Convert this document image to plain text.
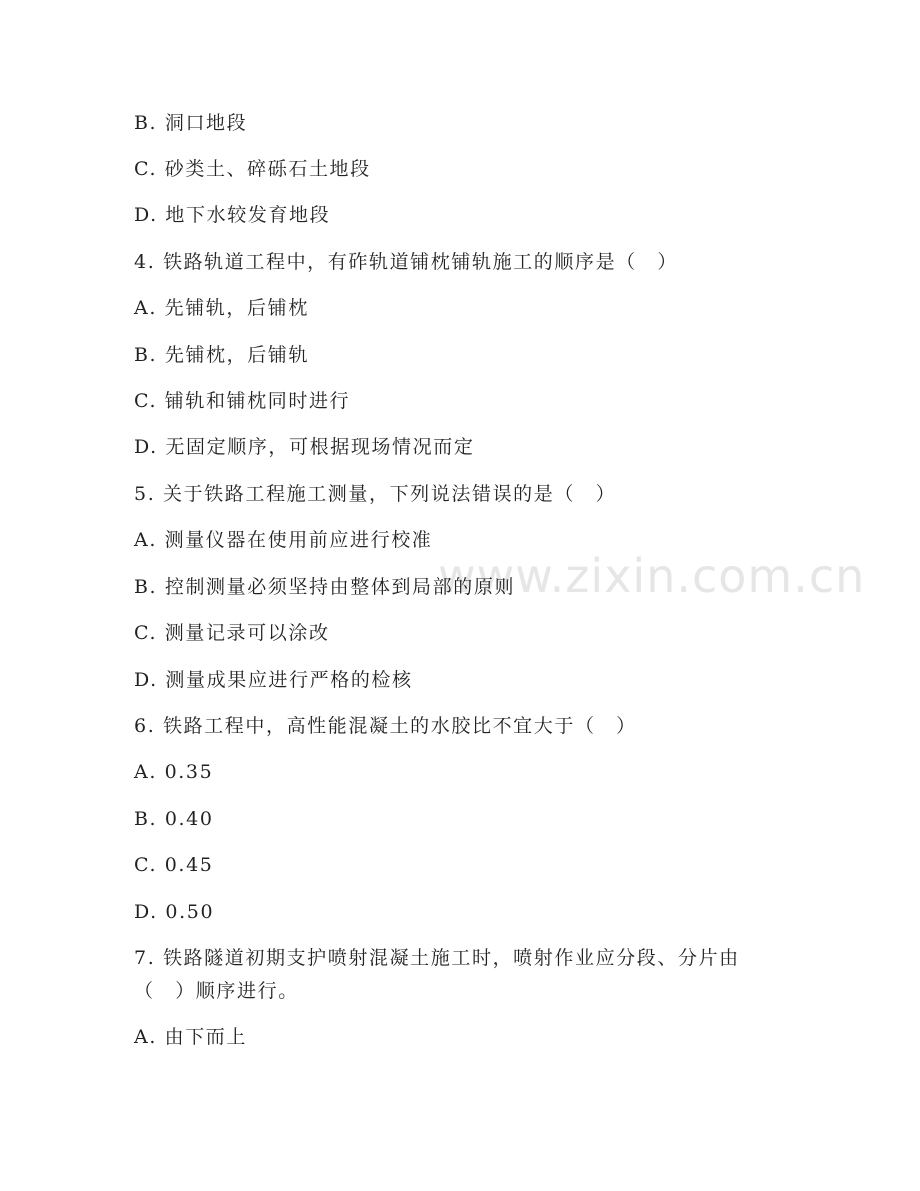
www.zixin.com.cn
B. 洞口地段
C. 砂类土、碎砾石土地段
D. 地下水较发育地段
4. 铁路轨道工程中，有砟轨道铺枕铺轨施工的顺序是（　）
A. 先铺轨，后铺枕
B. 先铺枕，后铺轨
C. 铺轨和铺枕同时进行
D. 无固定顺序，可根据现场情况而定
5. 关于铁路工程施工测量，下列说法错误的是（　）
A. 测量仪器在使用前应进行校准
B. 控制测量必须坚持由整体到局部的原则
C. 测量记录可以涂改
D. 测量成果应进行严格的检核
6. 铁路工程中，高性能混凝土的水胶比不宜大于（　）
A. 0.35
B. 0.40
C. 0.45
D. 0.50
7. 铁路隧道初期支护喷射混凝土施工时，喷射作业应分段、分片由（　）顺序进行。
A. 由下而上
